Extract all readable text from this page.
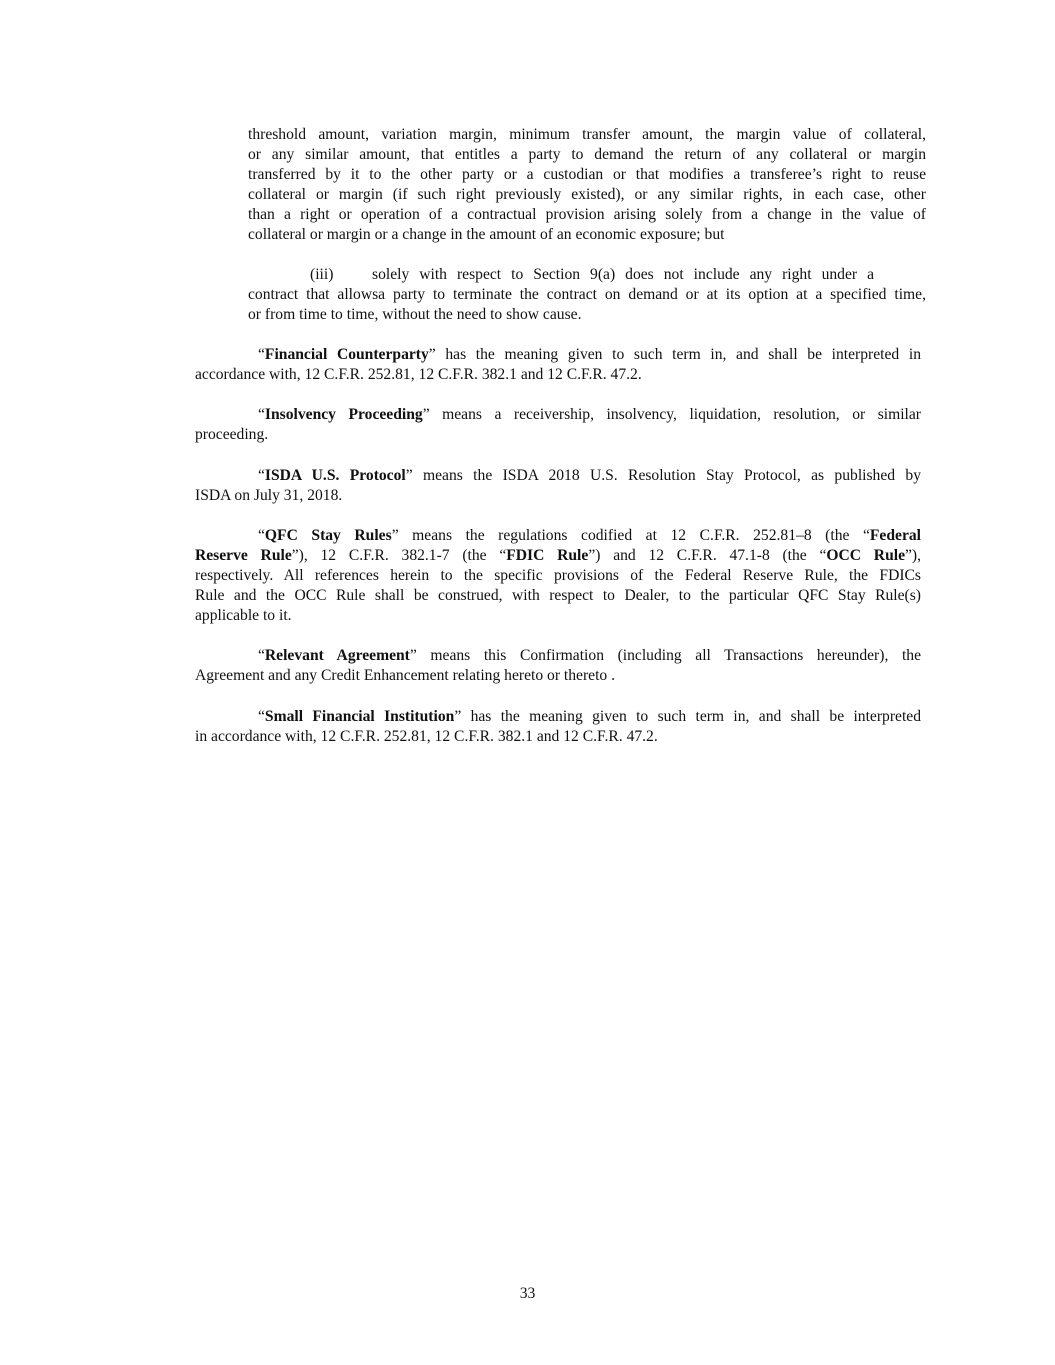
threshold amount, variation margin, minimum transfer amount, the margin value of collateral,

or any similar amount, that entitles a party to demand the return of any collateral or margin

transferred by it to the other party or a custodian or that modifies a transferee’s right to reuse

collateral or margin (if such right previously existed), or any similar rights, in each case, other

than a right or operation of a contractual provision arising solely from a change in the value of

collateral or margin or a change in the amount of an economic exposure; but

(iii) solely with respect to Section 9(a) does not include any right under a

contract that allowsa party to terminate the contract on demand or at its option at a specified time,

or from time to time, without the need to show cause.

“Financial Counterparty” has the meaning given to such term in, and shall be interpreted in

accordance with, 12 C.F.R. 252.81, 12 C.F.R. 382.1 and 12 C.F.R. 47.2.

“Insolvency Proceeding” means a receivership, insolvency, liquidation, resolution, or similar

proceeding.

“ISDA U.S. Protocol” means the ISDA 2018 U.S. Resolution Stay Protocol, as published by

ISDA on July 31, 2018.

“QFC Stay Rules” means the regulations codified at 12 C.F.R. 252.81–8 (the “Federal

Reserve Rule”), 12 C.F.R. 382.1-7 (the “FDIC Rule”) and 12 C.F.R. 47.1-8 (the “OCC Rule”),

respectively. All references herein to the specific provisions of the Federal Reserve Rule, the FDICs

Rule and the OCC Rule shall be construed, with respect to Dealer, to the particular QFC Stay Rule(s)

applicable to it.

“Relevant Agreement” means this Confirmation (including all Transactions hereunder), the

Agreement and any Credit Enhancement relating hereto or thereto .

“Small Financial Institution” has the meaning given to such term in, and shall be interpreted

in accordance with, 12 C.F.R. 252.81, 12 C.F.R. 382.1 and 12 C.F.R. 47.2.

33
